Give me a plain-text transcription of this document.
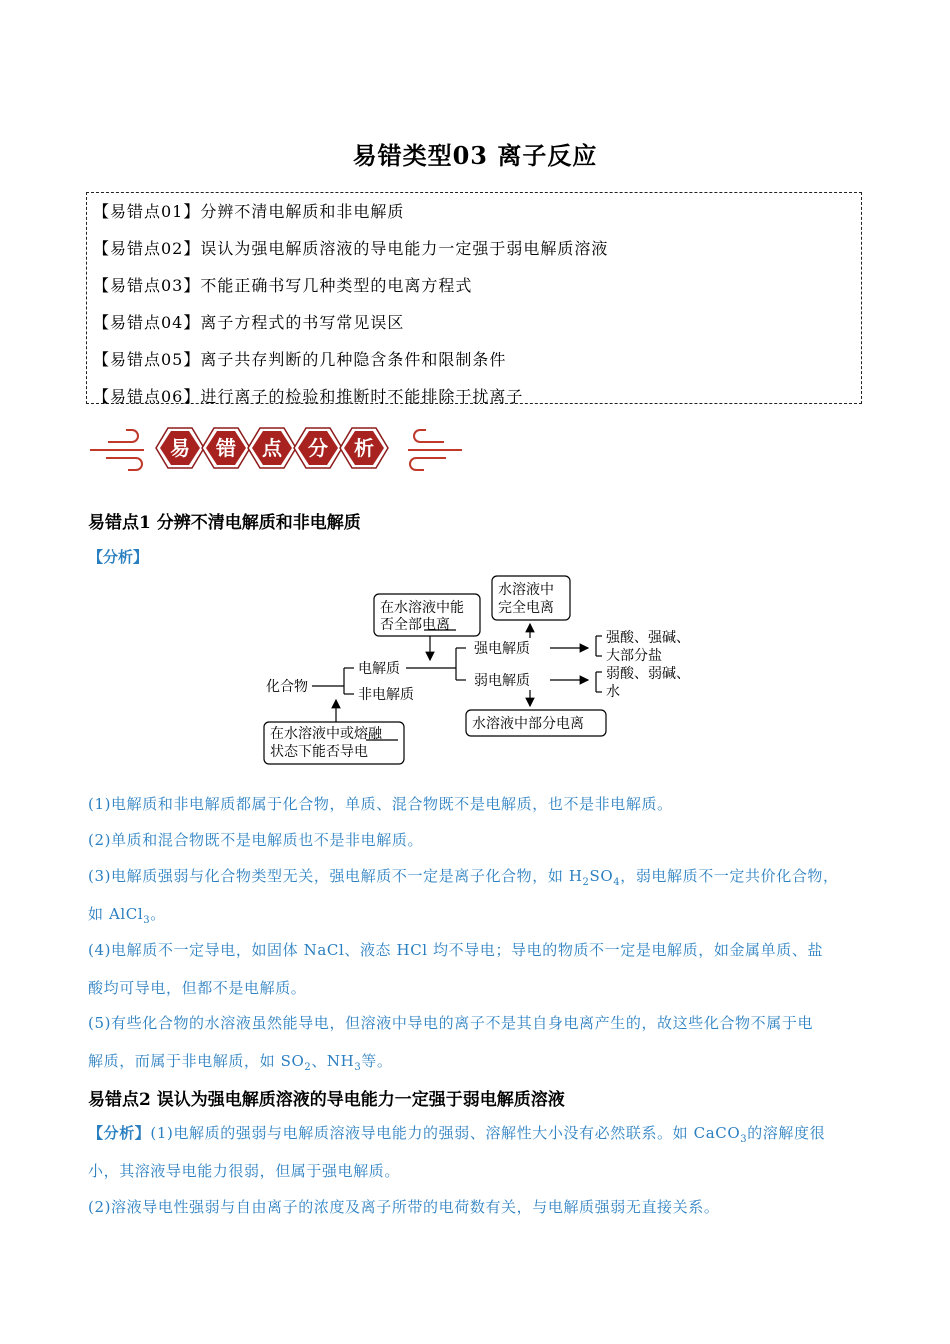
易错类型03 离子反应
【易错点01】分辨不清电解质和非电解质
【易错点02】误认为强电解质溶液的导电能力一定强于弱电解质溶液
【易错点03】不能正确书写几种类型的电离方程式
【易错点04】离子方程式的书写常见误区
【易错点05】离子共存判断的几种隐含条件和限制条件
【易错点06】进行离子的检验和推断时不能排除干扰离子
易 错 点 分 析
易错点1 分辨不清电解质和非电解质
【分析】
在水溶液中能
否全部电离
水溶液中
完全电离
化合物
电解质
非电解质
强电解质
弱电解质
强酸、强碱、
大部分盐
弱酸、弱碱、
水
水溶液中部分电离
在水溶液中或熔融
状态下能否导电
(1)电解质和非电解质都属于化合物，单质、混合物既不是电解质，也不是非电解质。
(2)单质和混合物既不是电解质也不是非电解质。
(3)电解质强弱与化合物类型无关，强电解质不一定是离子化合物，如 $H_2SO_4$，弱电解质不一定共价化合物，
如 AlCl$_3$。
(4)电解质不一定导电，如固体 NaCl、液态 HCl 均不导电；导电的物质不一定是电解质，如金属单质、盐
酸均可导电，但都不是电解质。
(5)有些化合物的水溶液虽然能导电，但溶液中导电的离子不是其自身电离产生的，故这些化合物不属于电
解质，而属于非电解质，如 $SO_2$、$NH_3$等。
易错点2 误认为强电解质溶液的导电能力一定强于弱电解质溶液
【分析】(1)电解质的强弱与电解质溶液导电能力的强弱、溶解性大小没有必然联系。如 CaCO$_3$的溶解度很
小，其溶液导电能力很弱，但属于强电解质。
(2)溶液导电性强弱与自由离子的浓度及离子所带的电荷数有关，与电解质强弱无直接关系。
